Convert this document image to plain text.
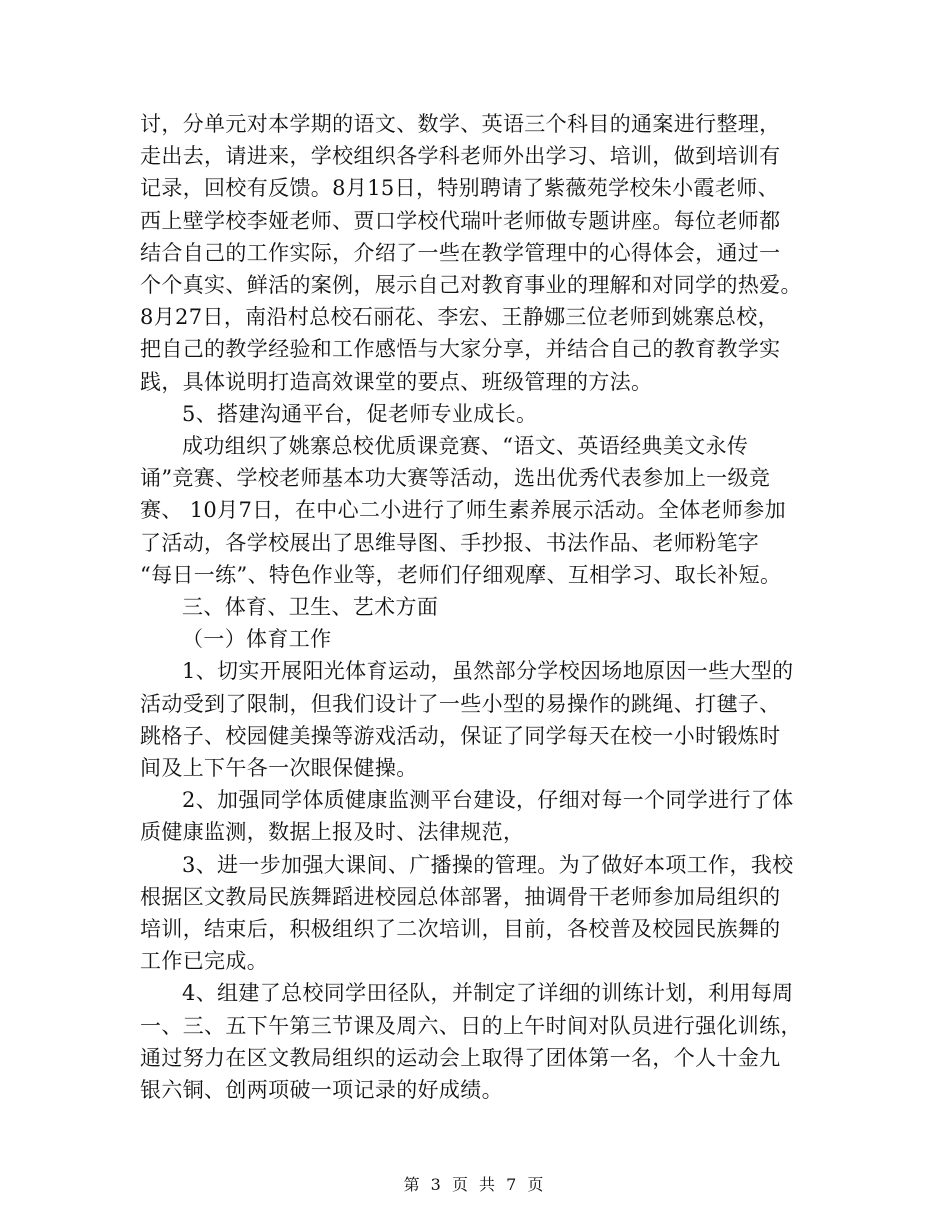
讨，分单元对本学期的语文、数学、英语三个科目的通案进行整理，
走出去，请进来，学校组织各学科老师外出学习、培训，做到培训有
记录，回校有反馈。8月15日，特别聘请了紫薇苑学校朱小霞老师、
西上壁学校李娅老师、贾口学校代瑞叶老师做专题讲座。每位老师都
结合自己的工作实际，介绍了一些在教学管理中的心得体会，通过一
个个真实、鲜活的案例，展示自己对教育事业的理解和对同学的热爱。
8月27日，南沿村总校石丽花、李宏、王静娜三位老师到姚寨总校，
把自己的教学经验和工作感悟与大家分享，并结合自己的教育教学实
践，具体说明打造高效课堂的要点、班级管理的方法。
5、搭建沟通平台，促老师专业成长。
成功组织了姚寨总校优质课竞赛、“语文、英语经典美文永传
诵”竞赛、学校老师基本功大赛等活动，选出优秀代表参加上一级竞
赛、 10月7日，在中心二小进行了师生素养展示活动。全体老师参加
了活动，各学校展出了思维导图、手抄报、书法作品、老师粉笔字
“每日一练”、特色作业等，老师们仔细观摩、互相学习、取长补短。
三、体育、卫生、艺术方面
（一）体育工作
1、切实开展阳光体育运动，虽然部分学校因场地原因一些大型的
活动受到了限制，但我们设计了一些小型的易操作的跳绳、打毽子、
跳格子、校园健美操等游戏活动，保证了同学每天在校一小时锻炼时
间及上下午各一次眼保健操。
2、加强同学体质健康监测平台建设，仔细对每一个同学进行了体
质健康监测，数据上报及时、法律规范，
3、进一步加强大课间、广播操的管理。为了做好本项工作，我校
根据区文教局民族舞蹈进校园总体部署，抽调骨干老师参加局组织的
培训，结束后，积极组织了二次培训，目前，各校普及校园民族舞的
工作已完成。
4、组建了总校同学田径队，并制定了详细的训练计划，利用每周
一、三、五下午第三节课及周六、日的上午时间对队员进行强化训练，
通过努力在区文教局组织的运动会上取得了团体第一名，个人十金九
银六铜、创两项破一项记录的好成绩。
第 3 页 共 7 页
